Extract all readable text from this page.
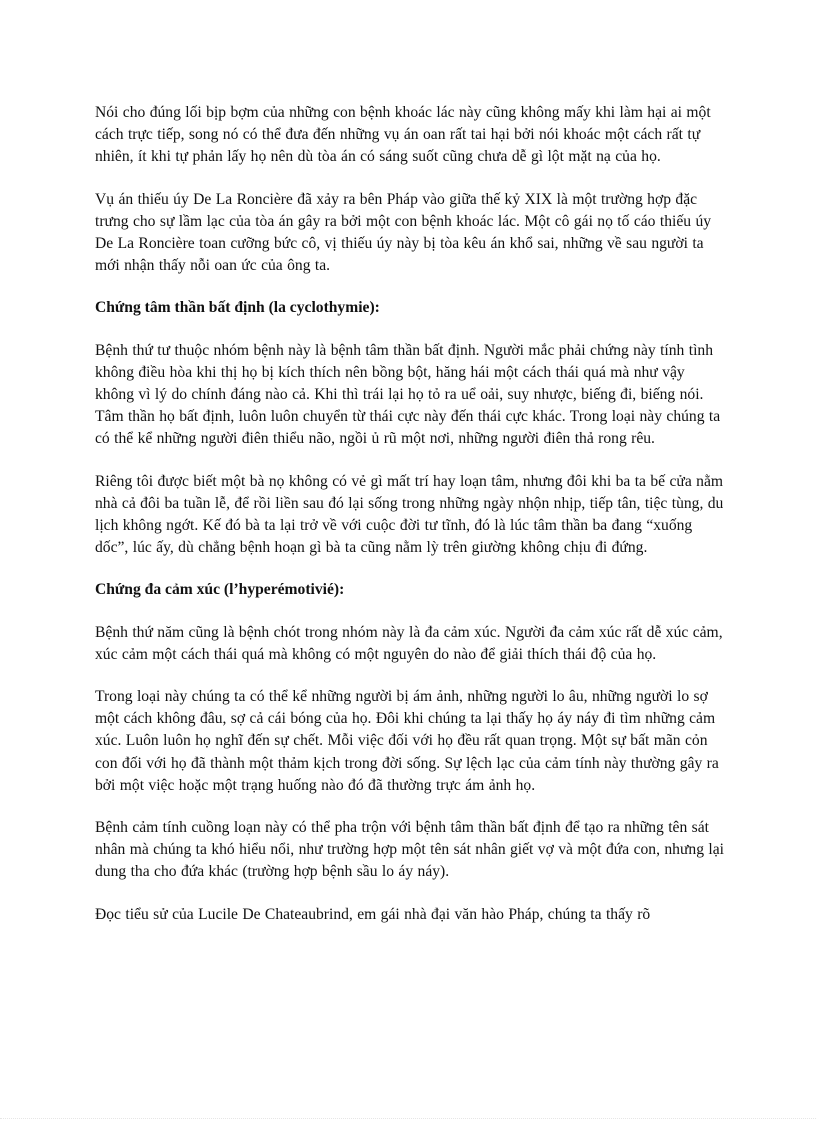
Nói cho đúng lối bịp bợm của những con bệnh khoác lác này cũng không mấy khi làm hại ai một cách trực tiếp, song nó có thể đưa đến những vụ án oan rất tai hại bởi nói khoác một cách rất tự nhiên, ít khi tự phản lấy họ nên dù tòa án có sáng suốt cũng chưa dễ gì lột mặt nạ của họ.

Vụ án thiếu úy De La Roncière đã xảy ra bên Pháp vào giữa thế kỷ XIX là một trường hợp đặc trưng cho sự lầm lạc của tòa án gây ra bởi một con bệnh khoác lác. Một cô gái nọ tố cáo thiếu úy De La Roncière toan cưỡng bức cô, vị thiếu úy này bị tòa kêu án khổ sai, những về sau người ta mới nhận thấy nỗi oan ức của ông ta.

Chứng tâm thần bất định (la cyclothymie):

Bệnh thứ tư thuộc nhóm bệnh này là bệnh tâm thần bất định. Người mắc phải chứng này tính tình không điều hòa khi thị họ bị kích thích nên bồng bột, hăng hái một cách thái quá mà như vậy không vì lý do chính đáng nào cả. Khi thì trái lại họ tỏ ra uể oải, suy nhược, biếng đi, biếng nói. Tâm thần họ bất định, luôn luôn chuyển từ thái cực này đến thái cực khác. Trong loại này chúng ta có thể kể những người điên thiểu não, ngồi ủ rũ một nơi, những người điên thả rong rêu.

Riêng tôi được biết một bà nọ không có vẻ gì mất trí hay loạn tâm, nhưng đôi khi ba ta bế cửa nằm nhà cả đôi ba tuần lễ, để rồi liền sau đó lại sống trong những ngày nhộn nhịp, tiếp tân, tiệc tùng, du lịch không ngớt. Kế đó bà ta lại trở về với cuộc đời tư tĩnh, đó là lúc tâm thần ba đang “xuống dốc”, lúc ấy, dù chẳng bệnh hoạn gì bà ta cũng nằm lỳ trên giường không chịu đi đứng.

Chứng đa cảm xúc (l’hyperémotivié):

Bệnh thứ năm cũng là bệnh chót trong nhóm này là đa cảm xúc. Người đa cảm xúc rất dễ xúc cảm, xúc cảm một cách thái quá mà không có một nguyên do nào để giải thích thái độ của họ.

Trong loại này chúng ta có thể kể những người bị ám ảnh, những người lo âu, những người lo sợ một cách không đâu, sợ cả cái bóng của họ. Đôi khi chúng ta lại thấy họ áy náy đi tìm những cảm xúc. Luôn luôn họ nghĩ đến sự chết. Mỗi việc đối với họ đều rất quan trọng. Một sự bất mãn cỏn con đối với họ đã thành một thảm kịch trong đời sống. Sự lệch lạc của cảm tính này thường gây ra bởi một việc hoặc một trạng huống nào đó đã thường trực ám ảnh họ.

Bệnh cảm tính cuồng loạn này có thể pha trộn với bệnh tâm thần bất định để tạo ra những tên sát nhân mà chúng ta khó hiểu nổi, như trường hợp một tên sát nhân giết vợ và một đứa con, nhưng lại dung tha cho đứa khác (trường hợp bệnh sầu lo áy náy).

Đọc tiểu sử của Lucile De Chateaubrind, em gái nhà đại văn hào Pháp, chúng ta thấy rõ
